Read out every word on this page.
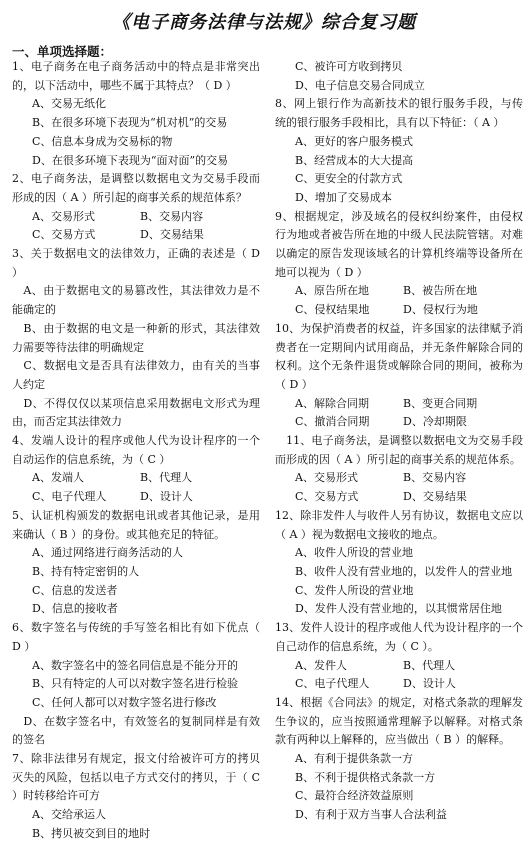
《电子商务法律与法规》综合复习题
一、单项选择题：

1、电子商务在电子商务活动中的特点是非常突出的，以下活动中，哪些不属于其特点？（ D ）

A、交易无纸化

B、在很多环境下表现为“机对机”的交易

C、信息本身成为交易标的物

D、在很多环境下表现为“面对面”的交易

2、电子商务法，是调整以数据电文为交易手段而形成的因（ A ）所引起的商事关系的规范体系？

A、交易形式	B、交易内容
C、交易方式	D、交易结果

3、关于数据电文的法律效力，正确的表述是（ D ）

　A、由于数据电文的易篡改性，其法律效力是不能确定的

　B、由于数据的电文是一种新的形式，其法律效力需要等待法律的明确规定

　C、数据电文是否具有法律效力，由有关的当事人约定

　D、不得仅仅以某项信息采用数据电文形式为理由，而否定其法律效力

4、发端人设计的程序或他人代为设计程序的一个自动运作的信息系统，为（ C ）

A、发端人	B、代理人
C、电子代理人	D、设计人

5、认证机构颁发的数据电讯或者其他记录，是用来确认（ B ）的身份。或其他充足的特征。

A、通过网络进行商务活动的人

B、持有特定密钥的人

C、信息的发送者

D、信息的接收者

6、数字签名与传统的手写签名相比有如下优点（ D ）

A、数字签名中的签名同信息是不能分开的

B、只有特定的人可以对数字签名进行检验

C、任何人都可以对数字签名进行修改

　D、在数字签名中，有效签名的复制同样是有效的签名

7、除非法律另有规定，报文付给被许可方的拷贝灭失的风险，包括以电子方式交付的拷贝，于（ C ）时转移给许可方

A、交给承运人

B、拷贝被交到目的地时

C、被许可方收到拷贝

D、电子信息交易合同成立

8、网上银行作为高新技术的银行服务手段，与传统的银行服务手段相比，具有以下特征：（ A ）

A、更好的客户服务模式

B、经营成本的大大提高

C、更安全的付款方式

D、增加了交易成本

9、根据规定，涉及域名的侵权纠纷案件，由侵权行为地或者被告所在地的中级人民法院管辖。对难以确定的原告发现该域名的计算机终端等设备所在地可以视为（ D ）

A、原告所在地	B、被告所在地
C、侵权结果地	D、侵权行为地

10、为保护消费者的权益，许多国家的法律赋予消费者在一定期间内试用商品，并无条件解除合同的权利。这个无条件退货或解除合同的期间，被称为（ D ）

A、解除合同期	B、变更合同期
C、撤消合同期	D、冷却期限

　11、电子商务法，是调整以数据电文为交易手段而形成的因（ A ）所引起的商事关系的规范体系。

A、交易形式	B、交易内容
C、交易方式	D、交易结果

12、除非发件人与收件人另有协议，数据电文应以（ A ）视为数据电文接收的地点。

A、收件人所设的营业地

B、收件人没有营业地的，以发件人的营业地

C、发件人所设的营业地

D、发件人没有营业地的，以其惯常居住地

13、发件人设计的程序或他人代为设计程序的一个自己动作的信息系统，为（ C ）。

A、发件人	B、代理人
C、电子代理人	D、设计人

14、根据《合同法》的规定，对格式条款的理解发生争议的，应当按照通常理解予以解释。对格式条款有两种以上解释的，应当做出（ B ）的解释。

A、有利于提供条款一方

B、不利于提供格式条款一方

C、最符合经济效益原则

D、有利于双方当事人合法利益
